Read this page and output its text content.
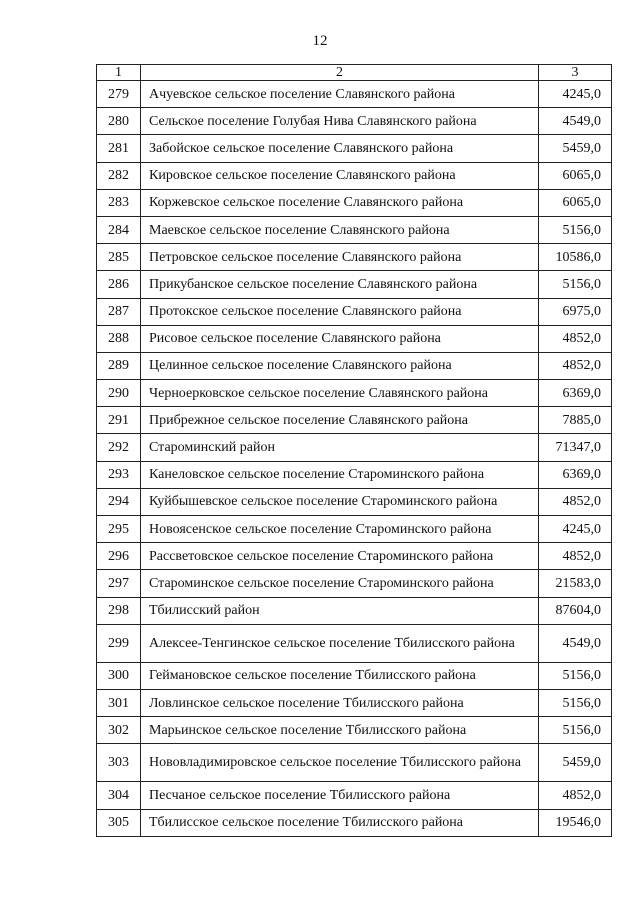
12
1	2	3
279	Ачуевское сельское поселение Славянского района	4245,0
280	Сельское поселение Голубая Нива Славянского района	4549,0
281	Забойское сельское поселение Славянского района	5459,0
282	Кировское сельское поселение Славянского района	6065,0
283	Коржевское сельское поселение Славянского района	6065,0
284	Маевское сельское поселение Славянского района	5156,0
285	Петровское сельское поселение Славянского района	10586,0
286	Прикубанское сельское поселение Славянского района	5156,0
287	Протокское сельское поселение Славянского района	6975,0
288	Рисовое сельское поселение Славянского района	4852,0
289	Целинное сельское поселение Славянского района	4852,0
290	Черноерковское сельское поселение Славянского района	6369,0
291	Прибрежное сельское поселение Славянского района	7885,0
292	Староминский район	71347,0
293	Канеловское сельское поселение Староминского района	6369,0
294	Куйбышевское сельское поселение Староминского района	4852,0
295	Новоясенское сельское поселение Староминского района	4245,0
296	Рассветовское сельское поселение Староминского района	4852,0
297	Староминское сельское поселение Староминского района	21583,0
298	Тбилисский район	87604,0
299	Алексее-Тенгинское сельское поселение Тбилисского района	4549,0
300	Геймановское сельское поселение Тбилисского района	5156,0
301	Ловлинское сельское поселение Тбилисского района	5156,0
302	Марьинское сельское поселение Тбилисского района	5156,0
303	Нововладимировское сельское поселение Тбилисского района	5459,0
304	Песчаное сельское поселение Тбилисского района	4852,0
305	Тбилисское сельское поселение Тбилисского района	19546,0
